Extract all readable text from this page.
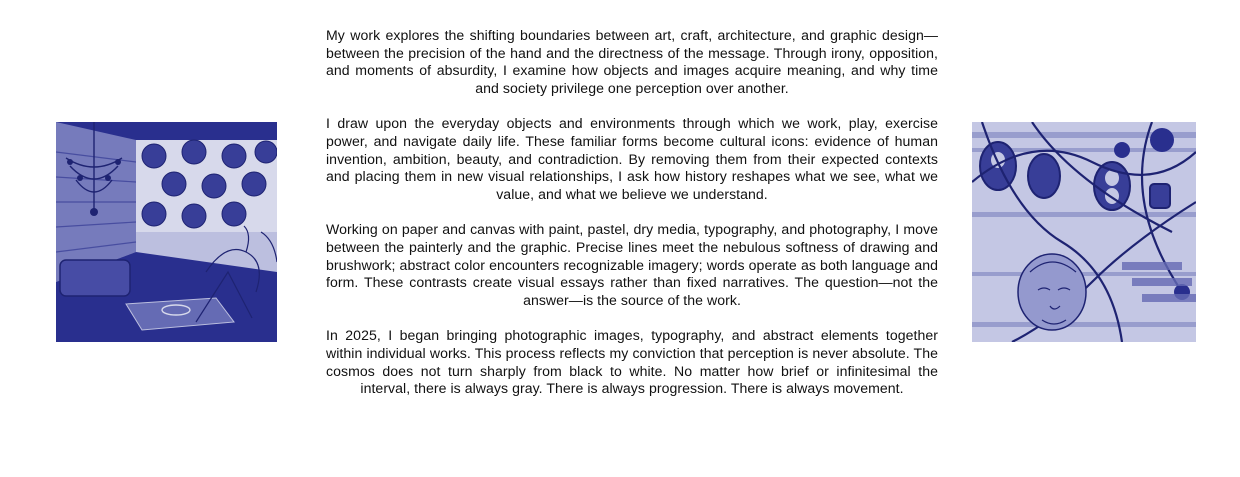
My work explores the shifting boundaries between art, craft, architecture, and graphic design—between the precision of the hand and the directness of the message. Through irony, opposition, and moments of absurdity, I examine how objects and images acquire meaning, and why time and society privilege one perception over another.

I draw upon the everyday objects and environments through which we work, play, exercise power, and navigate daily life. These familiar forms become cultural icons: evidence of human invention, ambition, beauty, and contradiction. By removing them from their expected contexts and placing them in new visual relationships, I ask how history reshapes what we see, what we value, and what we believe we understand.

Working on paper and canvas with paint, pastel, dry media, typography, and photography, I move between the painterly and the graphic. Precise lines meet the nebulous softness of drawing and brushwork; abstract color encounters recognizable imagery; words operate as both language and form. These contrasts create visual essays rather than fixed narratives. The question—not the answer—is the source of the work.

In 2025, I began bringing photographic images, typography, and abstract elements together within individual works. This process reflects my conviction that perception is never absolute. The cosmos does not turn sharply from black to white. No matter how brief or infinitesimal the interval, there is always gray. There is always progression. There is always movement.
